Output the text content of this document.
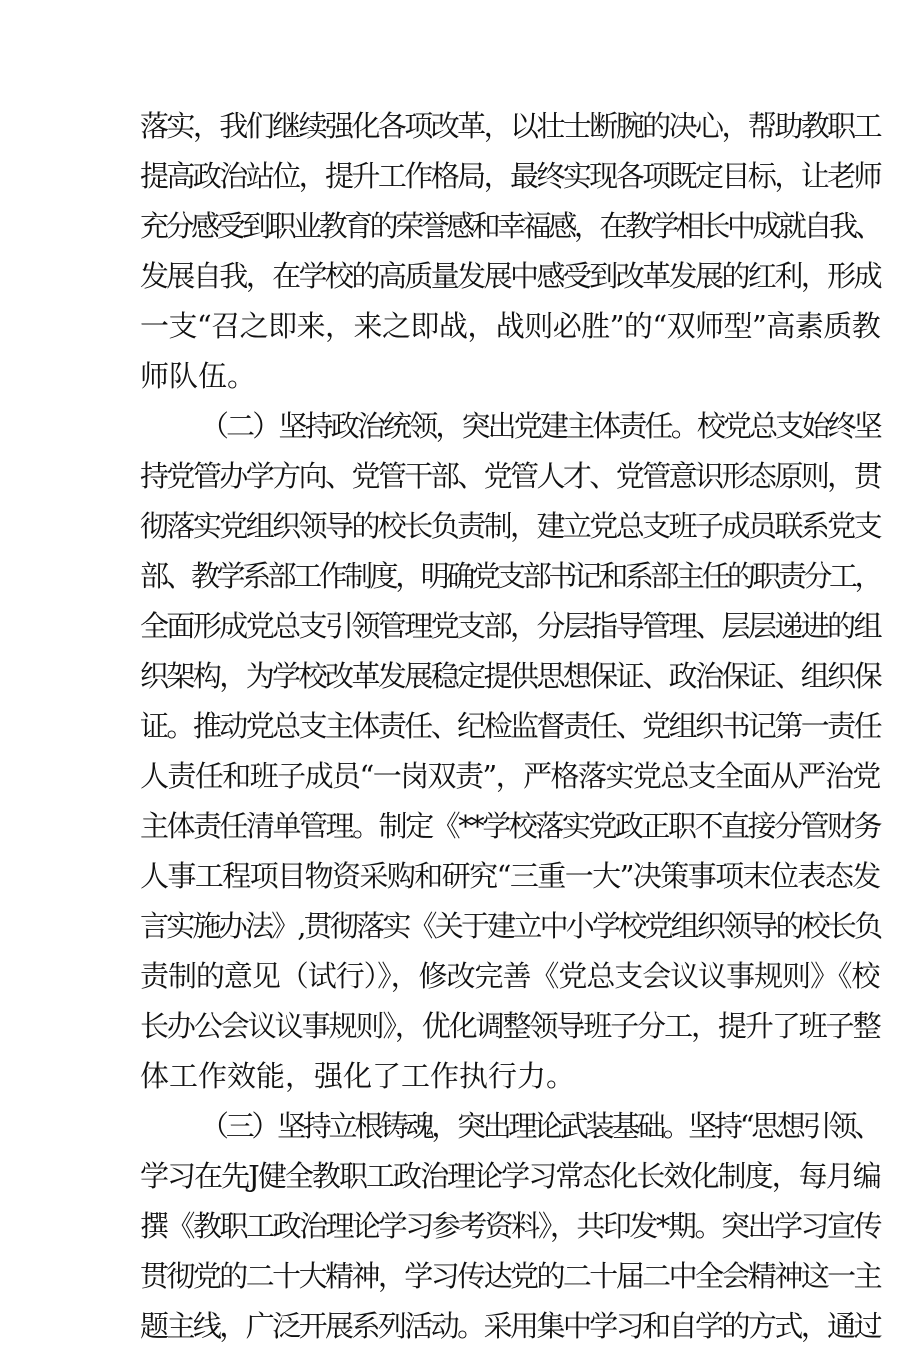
落实，我们继续强化各项改革，以壮士断腕的决心，帮助教职工
提高政治站位，提升工作格局，最终实现各项既定目标，让老师
充分感受到职业教育的荣誉感和幸福感，在教学相长中成就自我、
发展自我，在学校的高质量发展中感受到改革发展的红利，形成
一支“召之即来，来之即战，战则必胜”的“双师型”高素质教
师队伍。
（二）坚持政治统领，突出党建主体责任。校党总支始终坚
持党管办学方向、党管干部、党管人才、党管意识形态原则，贯
彻落实党组织领导的校长负责制，建立党总支班子成员联系党支
部、教学系部工作制度，明确党支部书记和系部主任的职责分工，
全面形成党总支引领管理党支部，分层指导管理、层层递进的组
织架构，为学校改革发展稳定提供思想保证、政治保证、组织保
证。推动党总支主体责任、纪检监督责任、党组织书记第一责任
人责任和班子成员“一岗双责”，严格落实党总支全面从严治党
主体责任清单管理。制定《**学校落实党政正职不直接分管财务
人事工程项目物资采购和研究“三重一大”决策事项末位表态发
言实施办法》,贯彻落实《关于建立中小学校党组织领导的校长负
责制的意见（试行）》，修改完善《党总支会议议事规则》《校
长办公会议议事规则》，优化调整领导班子分工，提升了班子整
体工作效能，强化了工作执行力。
（三）坚持立根铸魂，突出理论武装基础。坚持“思想引领、
学习在先J健全教职工政治理论学习常态化长效化制度，每月编
撰《教职工政治理论学习参考资料》，共印发*期。突出学习宣传
贯彻党的二十大精神，学习传达党的二十届二中全会精神这一主
题主线，广泛开展系列活动。采用集中学习和自学的方式，通过
